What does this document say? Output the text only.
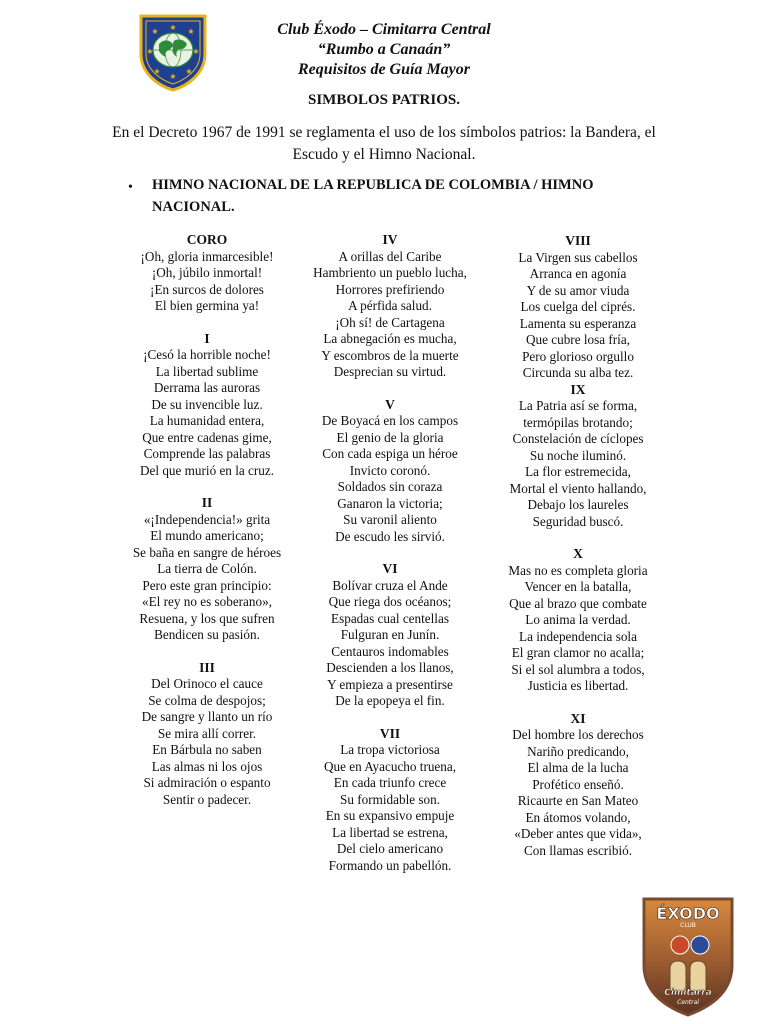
★ ★ ★
★	★
★
★
★
Club Éxodo – Cimitarra Central
“Rumbo a Canaán”
Requisitos de Guía Mayor
SIMBOLOS PATRIOS.
En el Decreto 1967 de 1991 se reglamenta el uso de los símbolos patrios: la Bandera, el Escudo y el Himno Nacional.
• HIMNO NACIONAL DE LA REPUBLICA DE COLOMBIA / HIMNO NACIONAL.
CORO
¡Oh, gloria inmarcesible!
¡Oh, júbilo inmortal!
¡En surcos de dolores
El bien germina ya!
I
¡Cesó la horrible noche!
La libertad sublime
Derrama las auroras
De su invencible luz.
La humanidad entera,
Que entre cadenas gime,
Comprende las palabras
Del que murió en la cruz.
II
«¡Independencia!» grita
El mundo americano;
Se baña en sangre de héroes
La tierra de Colón.
Pero este gran principio:
«El rey no es soberano»,
Resuena, y los que sufren
Bendicen su pasión.
III
Del Orinoco el cauce
Se colma de despojos;
De sangre y llanto un río
Se mira allí correr.
En Bárbula no saben
Las almas ni los ojos
Si admiración o espanto
Sentir o padecer.
IV
A orillas del Caribe
Hambriento un pueblo lucha,
Horrores prefiriendo
A pérfida salud.
¡Oh sí! de Cartagena
La abnegación es mucha,
Y escombros de la muerte
Desprecian su virtud.
V
De Boyacá en los campos
El genio de la gloria
Con cada espiga un héroe
Invicto coronó.
Soldados sin coraza
Ganaron la victoria;
Su varonil aliento
De escudo les sirvió.
VI
Bolívar cruza el Ande
Que riega dos océanos;
Espadas cual centellas
Fulguran en Junín.
Centauros indomables
Descienden a los llanos,
Y empieza a presentirse
De la epopeya el fin.
VII
La tropa victoriosa
Que en Ayacucho truena,
En cada triunfo crece
Su formidable son.
En su expansivo empuje
La libertad se estrena,
Del cielo americano
Formando un pabellón.
VIII
La Virgen sus cabellos
Arranca en agonía
Y de su amor viuda
Los cuelga del ciprés.
Lamenta su esperanza
Que cubre losa fría,
Pero glorioso orgullo
Circunda su alba tez.
IX
La Patria así se forma,
termópilas brotando;
Constelación de cíclopes
Su noche iluminó.
La flor estremecida,
Mortal el viento hallando,
Debajo los laureles
Seguridad buscó.
X
Mas no es completa gloria
Vencer en la batalla,
Que al brazo que combate
Lo anima la verdad.
La independencia sola
El gran clamor no acalla;
Si el sol alumbra a todos,
Justicia es libertad.
XI
Del hombre los derechos
Nariño predicando,
El alma de la lucha
Profético enseñó.
Ricaurte en San Mateo
En átomos volando,
«Deber antes que vida»,
Con llamas escribió.
ÉXODO
CLUB
Cimitarra
Central
